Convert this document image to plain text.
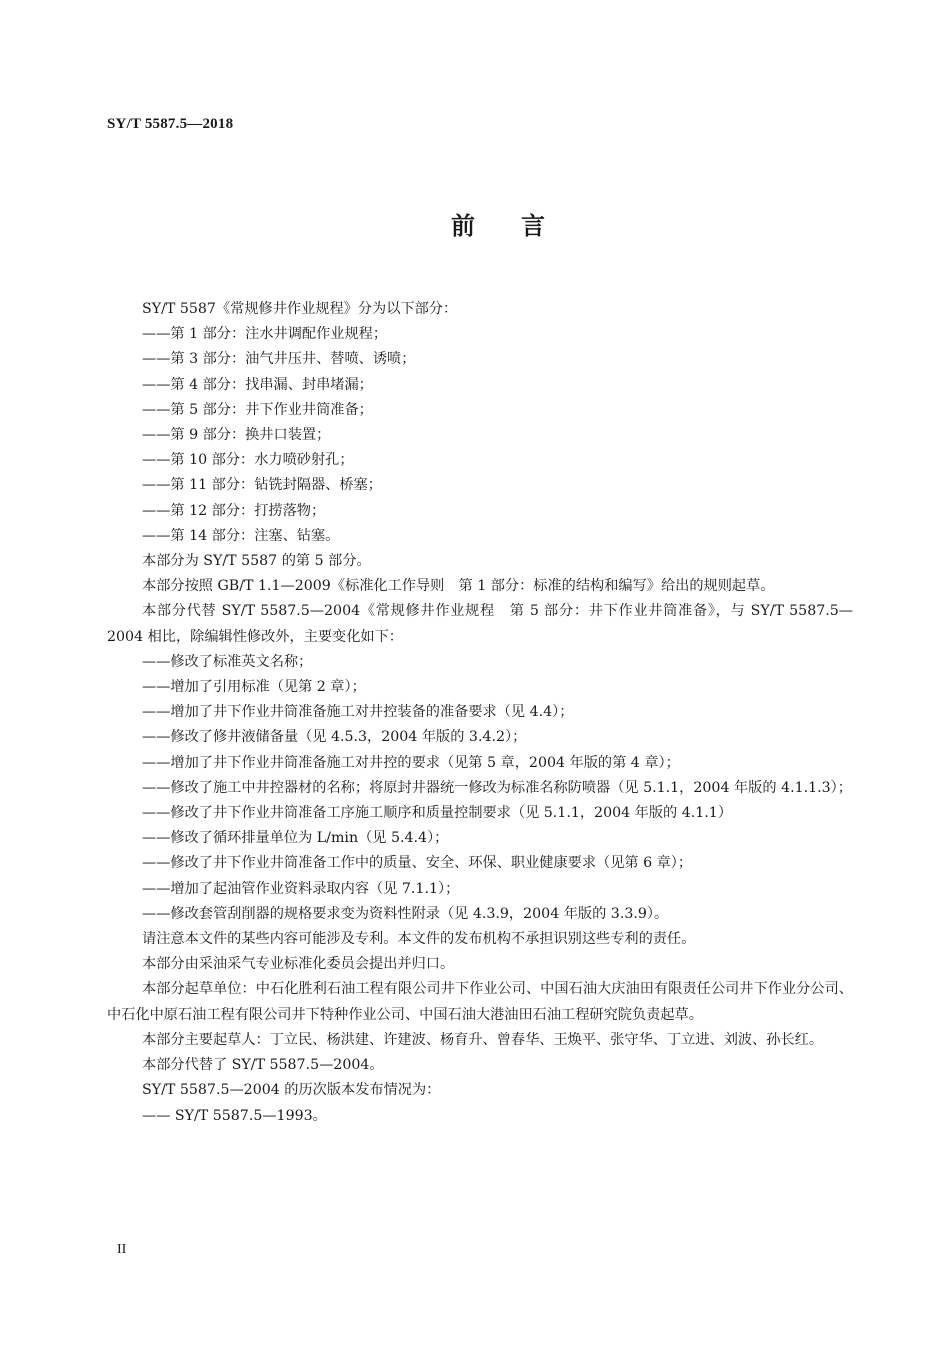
SY/T 5587.5—2018
前言

SY/T 5587《常规修井作业规程》分为以下部分：

——第 1 部分：注水井调配作业规程；

——第 3 部分：油气井压井、替喷、诱喷；

——第 4 部分：找串漏、封串堵漏；

——第 5 部分：井下作业井筒准备；

——第 9 部分：换井口装置；

——第 10 部分：水力喷砂射孔；

——第 11 部分：钻铣封隔器、桥塞；

——第 12 部分：打捞落物；

——第 14 部分：注塞、钻塞。

本部分为 SY/T 5587 的第 5 部分。

本部分按照 GB/T 1.1—2009《标准化工作导则　第 1 部分：标准的结构和编写》给出的规则起草。

本部分代替 SY/T 5587.5—2004《常规修井作业规程　第 5 部分：井下作业井筒准备》，与 SY/T 5587.5—2004 相比，除编辑性修改外，主要变化如下：

——修改了标准英文名称；

——增加了引用标准（见第 2 章）；

——增加了井下作业井筒准备施工对井控装备的准备要求（见 4.4）；

——修改了修井液储备量（见 4.5.3，2004 年版的 3.4.2）；

——增加了井下作业井筒准备施工对井控的要求（见第 5 章，2004 年版的第 4 章）；

——修改了施工中井控器材的名称；将原封井器统一修改为标准名称防喷器（见 5.1.1，2004 年版的 4.1.1.3）；

——修改了井下作业井筒准备工序施工顺序和质量控制要求（见 5.1.1，2004 年版的 4.1.1）

——修改了循环排量单位为 L/min（见 5.4.4）；

——修改了井下作业井筒准备工作中的质量、安全、环保、职业健康要求（见第 6 章）；

——增加了起油管作业资料录取内容（见 7.1.1）；

——修改套管刮削器的规格要求变为资料性附录（见 4.3.9，2004 年版的 3.3.9）。

请注意本文件的某些内容可能涉及专利。本文件的发布机构不承担识别这些专利的责任。

本部分由采油采气专业标准化委员会提出并归口。

本部分起草单位：中石化胜利石油工程有限公司井下作业公司、中国石油大庆油田有限责任公司井下作业分公司、中石化中原石油工程有限公司井下特种作业公司、中国石油大港油田石油工程研究院负责起草。

本部分主要起草人：丁立民、杨洪建、许建波、杨育升、曾春华、王焕平、张守华、丁立进、刘波、孙长红。

本部分代替了 SY/T 5587.5—2004。

SY/T 5587.5—2004 的历次版本发布情况为：

—— SY/T 5587.5—1993。

II
